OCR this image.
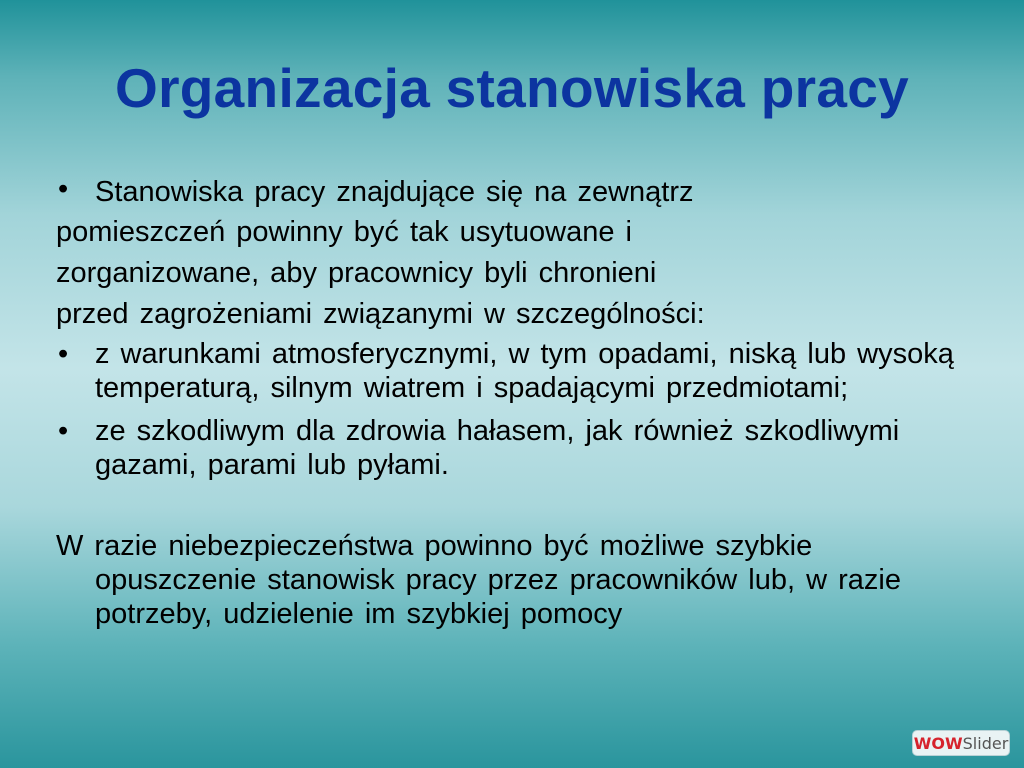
Organizacja stanowiska pracy
• Stanowiska pracy znajdujące się na zewnątrz

pomieszczeń powinny być tak usytuowane i

zorganizowane, aby pracownicy byli chronieni

przed zagrożeniami związanymi w szczególności:

• z warunkami atmosferycznymi, w tym opadami, niską lub wysoką temperaturą, silnym wiatrem i spadającymi przedmiotami;
• ze szkodliwym dla zdrowia hałasem, jak również szkodliwymi gazami, parami lub pyłami.

W razie niebezpieczeństwa powinno być możliwe szybkie opuszczenie stanowisk pracy przez pracowników lub, w razie potrzeby, udzielenie im szybkiej pomocy

WOWSlider
